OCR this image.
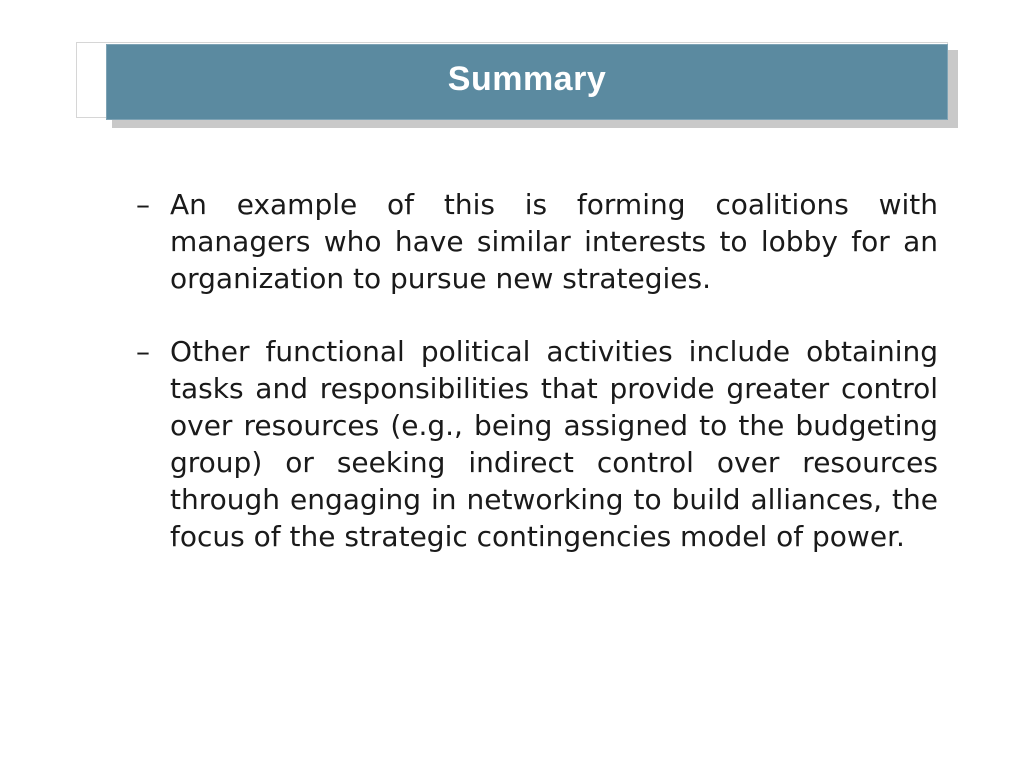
Summary
– An example of this is forming coalitions with managers who have similar interests to lobby for an organization to pursue new strategies.
– Other functional political activities include obtaining tasks and responsibilities that provide greater control over resources (e.g., being assigned to the budgeting group) or seeking indirect control over resources through engaging in networking to build alliances, the focus of the strategic contingencies model of power.
